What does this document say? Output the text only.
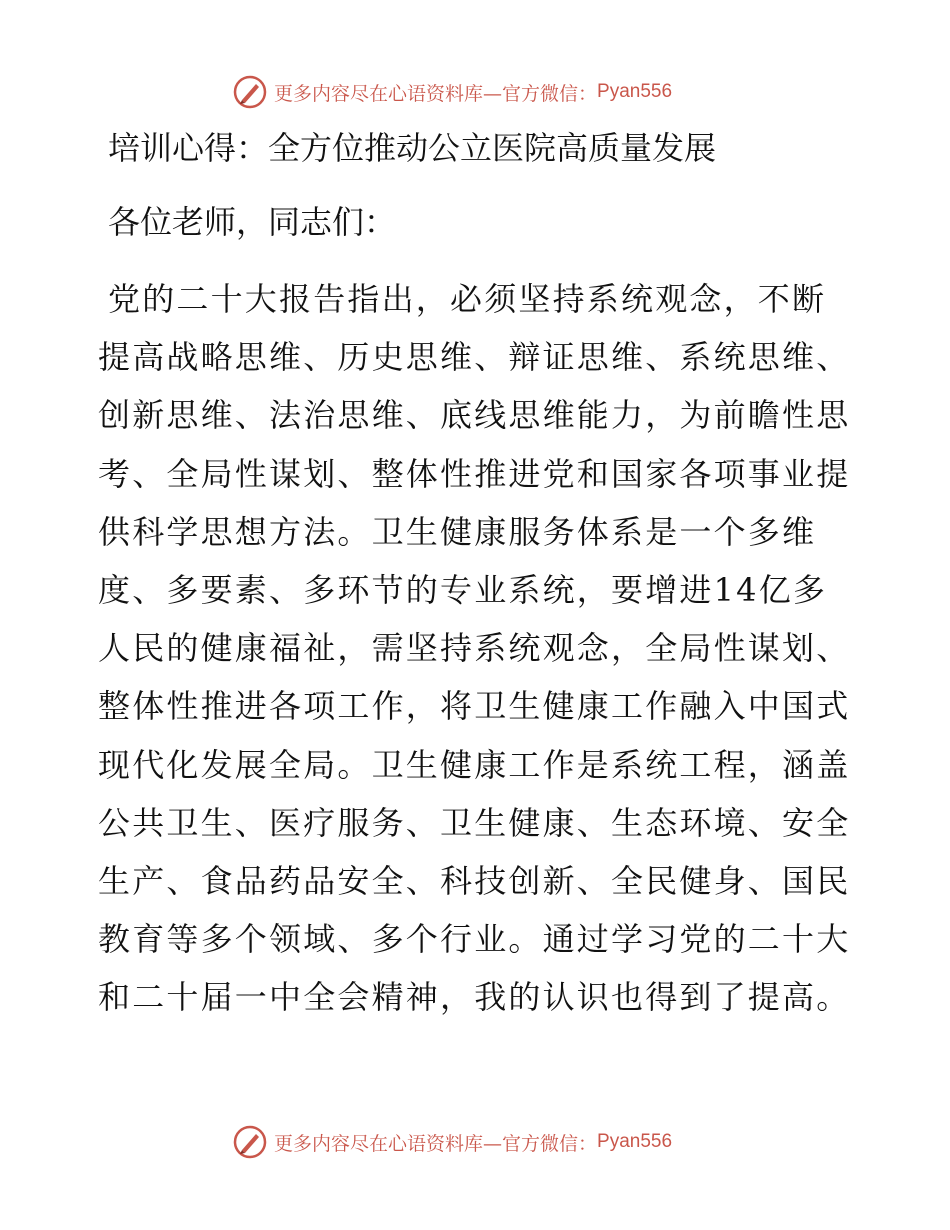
更多内容尽在心语资料库—官方微信： Pyan556
培训心得：全方位推动公立医院高质量发展
各位老师，同志们：
党的二十大报告指出，必须坚持系统观念，不断
提高战略思维、历史思维、辩证思维、系统思维、
创新思维、法治思维、底线思维能力，为前瞻性思
考、全局性谋划、整体性推进党和国家各项事业提
供科学思想方法。卫生健康服务体系是一个多维
度、多要素、多环节的专业系统，要增进14亿多
人民的健康福祉，需坚持系统观念，全局性谋划、
整体性推进各项工作，将卫生健康工作融入中国式
现代化发展全局。卫生健康工作是系统工程，涵盖
公共卫生、医疗服务、卫生健康、生态环境、安全
生产、食品药品安全、科技创新、全民健身、国民
教育等多个领域、多个行业。通过学习党的二十大
和二十届一中全会精神，我的认识也得到了提高。
更多内容尽在心语资料库—官方微信： Pyan556
